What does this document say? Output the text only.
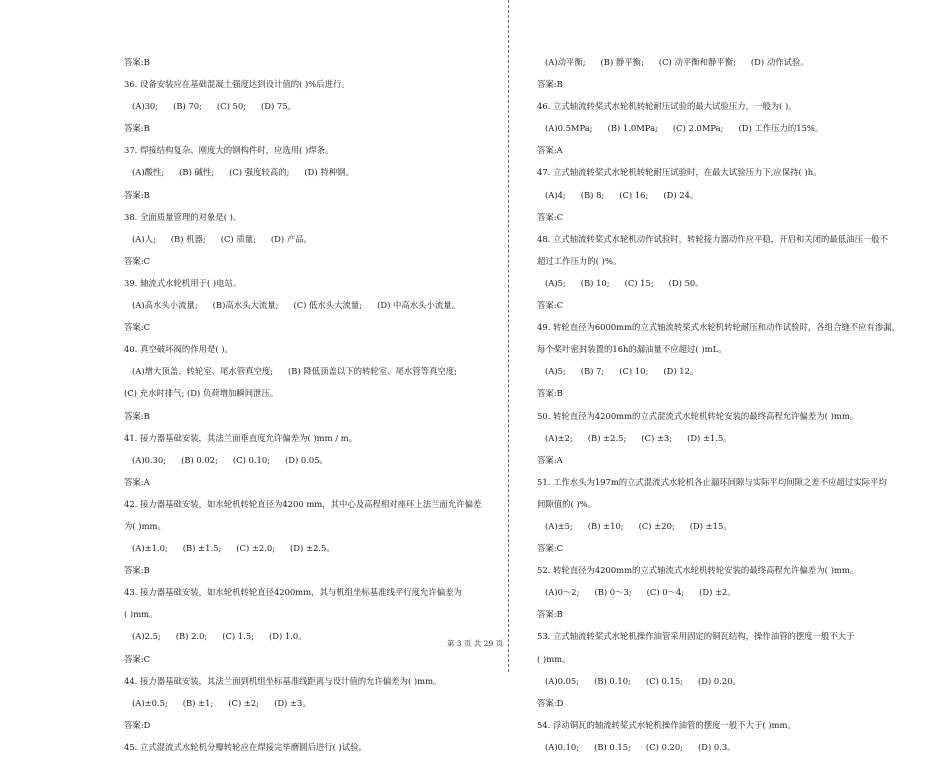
答案:B
36. 设备安装应在基础混凝土强度达到设计值的( )%后进行。
(A)30; (B) 70; (C) 50; (D) 75。
答案:B
37. 焊接结构复杂、刚度大的钢构件时，应选用( )焊条。
(A)酸性; (B) 碱性; (C) 强度较高的; (D) 特种钢。
答案:B
38. 全面质量管理的对象是( )。
(A)人; (B) 机器; (C) 质量; (D) 产品。
答案:C
39. 轴流式水轮机用于( )电站。
(A)高水头小流量; (B)高水头大流量; (C) 低水头大流量; (D) 中高水头小流量。
答案:C
40. 真空破坏阀的作用是( )。
(A)增大顶盖、转轮室、尾水管真空度; (B) 降低顶盖以下的转轮室、尾水管等真空度;
(C) 充水时排气; (D) 负荷增加瞬间泄压。
答案:B
41. 接力器基础安装，其法兰面垂直度允许偏差为( )mm / m。
(A)0.30; (B) 0.02; (C) 0.10; (D) 0.05。
答案:A
42. 接力器基础安装，如水轮机转轮直径为4200 mm，其中心及高程相对座环上法兰面允许偏差
为( )mm。
(A)±1.0; (B) ±1.5; (C) ±2.0; (D) ±2.5。
答案:B
43. 接力器基础安装，如水轮机转轮直径4200mm，其与机组坐标基准线平行度允许偏差为
( )mm。
(A)2.5; (B) 2.0; (C) 1.5; (D) 1.0。
答案:C
44. 接力器基础安装，其法兰面到机组坐标基准线距离与设计值的允许偏差为( )mm。
(A)±0.5; (B) ±1; (C) ±2; (D) ±3。
答案:D
45. 立式混流式水轮机分瓣转轮应在焊接完毕磨圆后进行( )试验。
(A)动平衡; (B) 静平衡; (C) 动平衡和静平衡; (D) 动作试验。
答案:B
46. 立式轴流转桨式水轮机转轮耐压试验的最大试验压力，一般为( )。
(A)0.5MPa; (B) 1.0MPa; (C) 2.0MPa; (D) 工作压力的15%。
答案:A
47. 立式轴流转桨式水轮机转轮耐压试验时，在最大试验压力下,应保持( )h。
(A)4; (B) 8; (C) 16; (D) 24。
答案:C
48. 立式轴流转桨式水轮机动作试验时，转轮接力器动作应平稳，开启和关闭的最低油压一般不
超过工作压力的( )%。
(A)5; (B) 10; (C) 15; (D) 50。
答案:C
49. 转轮直径为6000mm的立式轴流转桨式水轮机转轮耐压和动作试验时，各组合缝不应有渗漏，
每个桨叶密封装置的16h的漏油量不应超过( )mL。
(A)5; (B) 7; (C) 10; (D) 12。
答案:B
50. 转轮直径为4200mm的立式混流式水轮机转轮安装的最终高程允许偏差为( )mm。
(A)±2; (B) ±2.5; (C) ±3; (D) ±1.5。
答案:A
51. 工作水头为197m的立式混流式水轮机各止漏环间隙与实际平均间隙之差不应超过实际平均
间隙值的( )%。
(A)±5; (B) ±10; (C) ±20; (D) ±15。
答案:C
52. 转轮直径为4200mm的立式轴流式水轮机转轮安装的最终高程允许偏差为( )mm。
(A)0～2; (B) 0～3; (C) 0～4; (D) ±2。
答案:B
53. 立式轴流转桨式水轮机操作油管采用固定的铜瓦结构，操作油管的摆度一般不大于
( )mm。
(A)0.05; (B) 0.10; (C) 0.15; (D) 0.20。
答案:D
54. 浮动铜瓦的轴流转桨式水轮机操作油管的摆度一般不大于( )mm。
(A)0.10; (B) 0.15; (C) 0.20; (D) 0.3。
第 3 页 共 29 页
